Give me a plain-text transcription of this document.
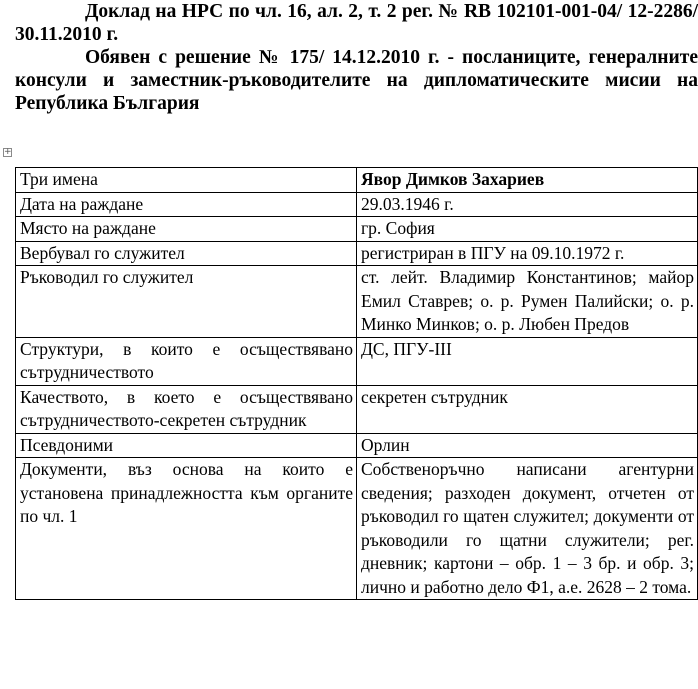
Доклад на НРС по чл. 16, ал. 2, т. 2 рег. № RB 102101-001-04/ 12-2286/ 30.11.2010 г.

Обявен с решение № 175/ 14.12.2010 г. - посланиците, генералните консули и заместник-ръководителите на дипломатическите мисии на Република България

+
Три имена	Явор Димков Захариев
Дата на раждане	29.03.1946 г.
Място на раждане	гр. София
Вербувал го служител	регистриран в ПГУ на 09.10.1972 г.
Ръководил го служител	ст. лейт. Владимир Константинов; майор Емил Ставрев; о. р. Румен Палийски; о. р. Минко Минков; о. р. Любен Предов
Структури, в които е осъществявано сътрудничеството	ДС, ПГУ-III
Качеството, в което е осъществявано сътрудничеството-секретен сътрудник	секретен сътрудник
Псевдоними	Орлин
Документи, въз основа на които е установена принадлежността към органите по чл. 1	Собственоръчно написани агентурни сведения; разходен документ, отчетен от ръководил го щатен служител; документи от ръководили го щатни служители; рег. дневник; картони – обр. 1 – 3 бр. и обр. 3; лично и работно дело Ф1, а.е. 2628 – 2 тома.
